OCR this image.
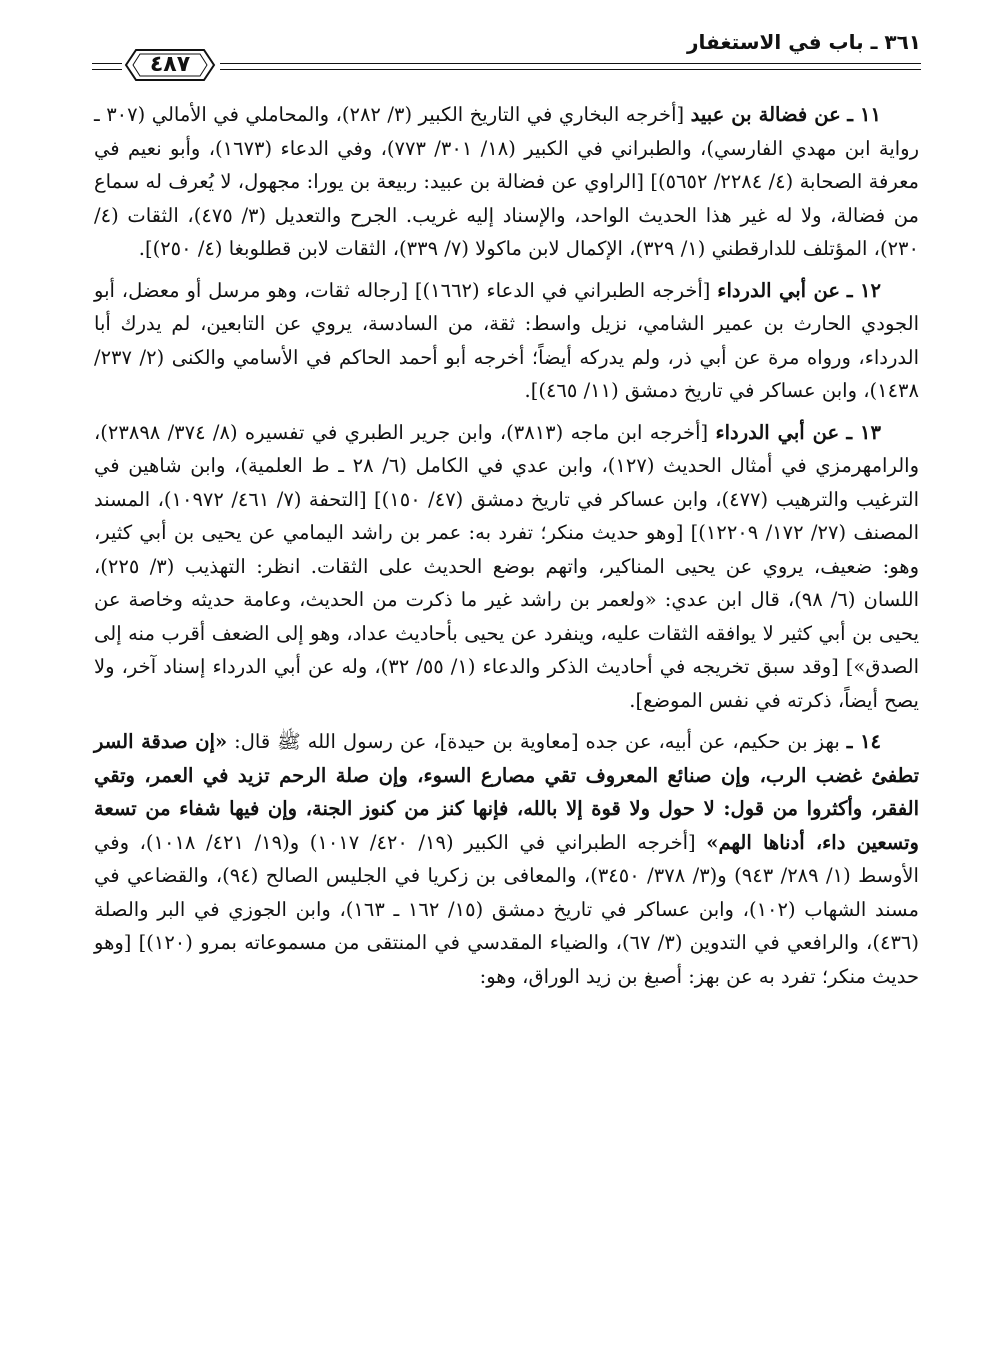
٣٦١ ـ باب في الاستغفار
٤٨٧

١١ ـ عن فضالة بن عبيد [أخرجه البخاري في التاريخ الكبير (٣/ ٢٨٢)، والمحاملي في الأمالي (٣٠٧ ـ رواية ابن مهدي الفارسي)، والطبراني في الكبير (١٨/ ٣٠١/ ٧٧٣)، وفي الدعاء (١٦٧٣)، وأبو نعيم في معرفة الصحابة (٤/ ٢٢٨٤/ ٥٦٥٢)] [الراوي عن فضالة بن عبيد: ربيعة بن يورا: مجهول، لا يُعرف له سماع من فضالة، ولا له غير هذا الحديث الواحد، والإسناد إليه غريب. الجرح والتعديل (٣/ ٤٧٥)، الثقات (٤/ ٢٣٠)، المؤتلف للدارقطني (١/ ٣٢٩)، الإكمال لابن ماكولا (٧/ ٣٣٩)، الثقات لابن قطلوبغا (٤/ ٢٥٠)].

١٢ ـ عن أبي الدرداء [أخرجه الطبراني في الدعاء (١٦٦٢)] [رجاله ثقات، وهو مرسل أو معضل، أبو الجودي الحارث بن عمير الشامي، نزيل واسط: ثقة، من السادسة، يروي عن التابعين، لم يدرك أبا الدرداء، ورواه مرة عن أبي ذر، ولم يدركه أيضاً؛ أخرجه أبو أحمد الحاكم في الأسامي والكنى (٢/ ٢٣٧/ ١٤٣٨)، وابن عساكر في تاريخ دمشق (١١/ ٤٦٥)].

١٣ ـ عن أبي الدرداء [أخرجه ابن ماجه (٣٨١٣)، وابن جرير الطبري في تفسيره (٨/ ٣٧٤/ ٢٣٨٩٨)، والرامهرمزي في أمثال الحديث (١٢٧)، وابن عدي في الكامل (٦/ ٢٨ ـ ط العلمية)، وابن شاهين في الترغيب والترهيب (٤٧٧)، وابن عساكر في تاريخ دمشق (٤٧/ ١٥٠)] [التحفة (٧/ ٤٦١/ ١٠٩٧٢)، المسند المصنف (٢٧/ ١٧٢/ ١٢٢٠٩)] [وهو حديث منكر؛ تفرد به: عمر بن راشد اليمامي عن يحيى بن أبي كثير، وهو: ضعيف، يروي عن يحيى المناكير، واتهم بوضع الحديث على الثقات. انظر: التهذيب (٣/ ٢٢٥)، اللسان (٦/ ٩٨)، قال ابن عدي: «ولعمر بن راشد غير ما ذكرت من الحديث، وعامة حديثه وخاصة عن يحيى بن أبي كثير لا يوافقه الثقات عليه، وينفرد عن يحيى بأحاديث عداد، وهو إلى الضعف أقرب منه إلى الصدق»] [وقد سبق تخريجه في أحاديث الذكر والدعاء (١/ ٥٥/ ٣٢)، وله عن أبي الدرداء إسناد آخر، ولا يصح أيضاً، ذكرته في نفس الموضع].

١٤ ـ بهز بن حكيم، عن أبيه، عن جده [معاوية بن حيدة]، عن رسول الله ﷺ قال: «إن صدقة السر تطفئ غضب الرب، وإن صنائع المعروف تقي مصارع السوء، وإن صلة الرحم تزيد في العمر، وتقي الفقر، وأكثروا من قول: لا حول ولا قوة إلا بالله، فإنها كنز من كنوز الجنة، وإن فيها شفاء من تسعة وتسعين داء، أدناها الهم» [أخرجه الطبراني في الكبير (١٩/ ٤٢٠/ ١٠١٧) و(١٩/ ٤٢١/ ١٠١٨)، وفي الأوسط (١/ ٢٨٩/ ٩٤٣) و(٣/ ٣٧٨/ ٣٤٥٠)، والمعافى بن زكريا في الجليس الصالح (٩٤)، والقضاعي في مسند الشهاب (١٠٢)، وابن عساكر في تاريخ دمشق (١٥/ ١٦٢ ـ ١٦٣)، وابن الجوزي في البر والصلة (٤٣٦)، والرافعي في التدوين (٣/ ٦٧)، والضياء المقدسي في المنتقى من مسموعاته بمرو (١٢٠)] [وهو حديث منكر؛ تفرد به عن بهز: أصبغ بن زيد الوراق، وهو:
